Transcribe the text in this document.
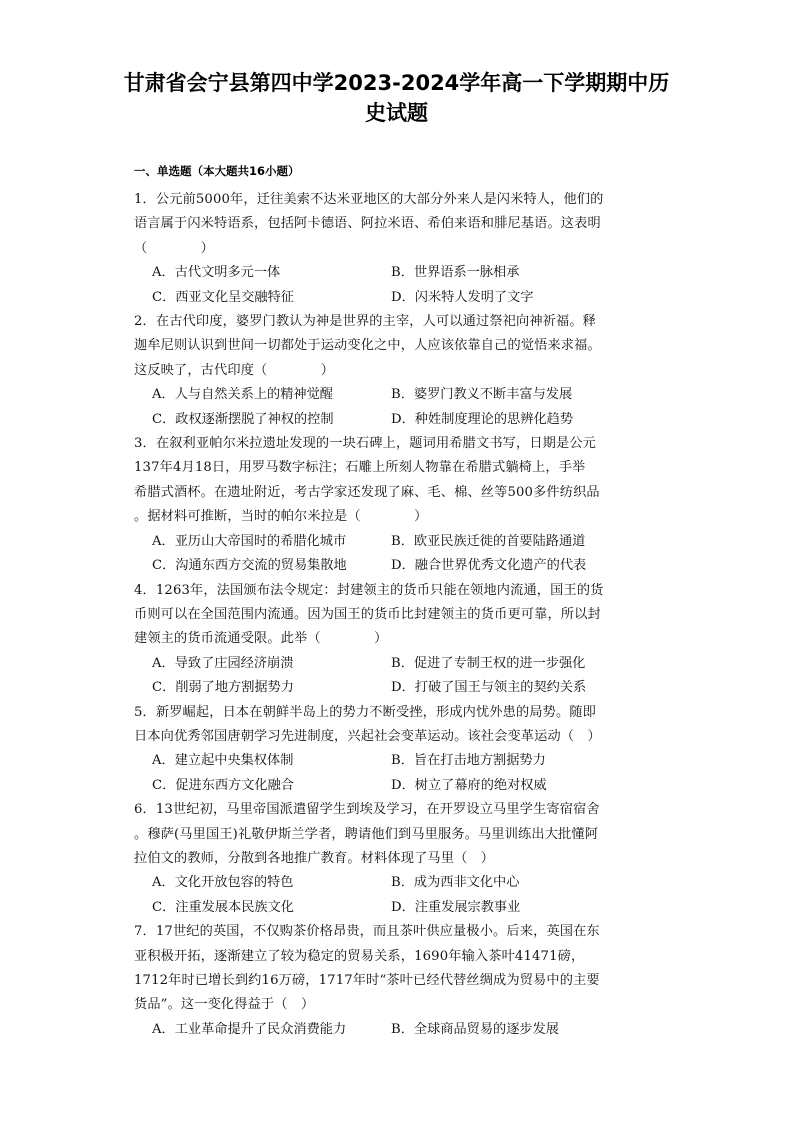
甘肃省会宁县第四中学2023-2024学年高一下学期期中历
史试题
一、单选题（本大题共16小题）
1．公元前5000年，迁往美索不达米亚地区的大部分外来人是闪米特人，他们的
语言属于闪米特语系，包括阿卡德语、阿拉米语、希伯来语和腓尼基语。这表明
（　　　　）
A．古代文明多元一体	B．世界语系一脉相承
C．西亚文化呈交融特征	D．闪米特人发明了文字
2．在古代印度，婆罗门教认为神是世界的主宰，人可以通过祭祀向神祈福。释
迦牟尼则认识到世间一切都处于运动变化之中，人应该依靠自己的觉悟来求福。
这反映了，古代印度（　　　　）
A．人与自然关系上的精神觉醒	B．婆罗门教义不断丰富与发展
C．政权逐渐摆脱了神权的控制	D．种姓制度理论的思辨化趋势
3．在叙利亚帕尔米拉遗址发现的一块石碑上，题词用希腊文书写，日期是公元
137年4月18日，用罗马数字标注；石雕上所刻人物靠在希腊式躺椅上，手举
希腊式酒杯。在遗址附近，考古学家还发现了麻、毛、棉、丝等500多件纺织品
。据材料可推断，当时的帕尔米拉是（　　　　）
A．亚历山大帝国时的希腊化城市	B．欧亚民族迁徙的首要陆路通道
C．沟通东西方交流的贸易集散地	D．融合世界优秀文化遗产的代表
4．1263年，法国颁布法令规定：封建领主的货币只能在领地内流通，国王的货
币则可以在全国范围内流通。因为国王的货币比封建领主的货币更可靠，所以封
建领主的货币流通受限。此举（　　　　）
A．导致了庄园经济崩溃	B．促进了专制王权的进一步强化
C．削弱了地方割据势力	D．打破了国王与领主的契约关系
5．新罗崛起，日本在朝鲜半岛上的势力不断受挫，形成内忧外患的局势。随即
日本向优秀邻国唐朝学习先进制度，兴起社会变革运动。该社会变革运动（　）
A．建立起中央集权体制	B．旨在打击地方割据势力
C．促进东西方文化融合	D．树立了幕府的绝对权威
6．13世纪初，马里帝国派遣留学生到埃及学习，在开罗设立马里学生寄宿宿舍
。穆萨(马里国王)礼敬伊斯兰学者，聘请他们到马里服务。马里训练出大批懂阿
拉伯文的教师，分散到各地推广教育。材料体现了马里（　）
A．文化开放包容的特色	B．成为西非文化中心
C．注重发展本民族文化	D．注重发展宗教事业
7．17世纪的英国，不仅购茶价格昂贵，而且茶叶供应量极小。后来，英国在东
亚积极开拓，逐渐建立了较为稳定的贸易关系，1690年输入茶叶41471磅，
1712年时已增长到约16万磅，1717年时“茶叶已经代替丝绸成为贸易中的主要
货品”。这一变化得益于（　）
A．工业革命提升了民众消费能力	B．全球商品贸易的逐步发展
